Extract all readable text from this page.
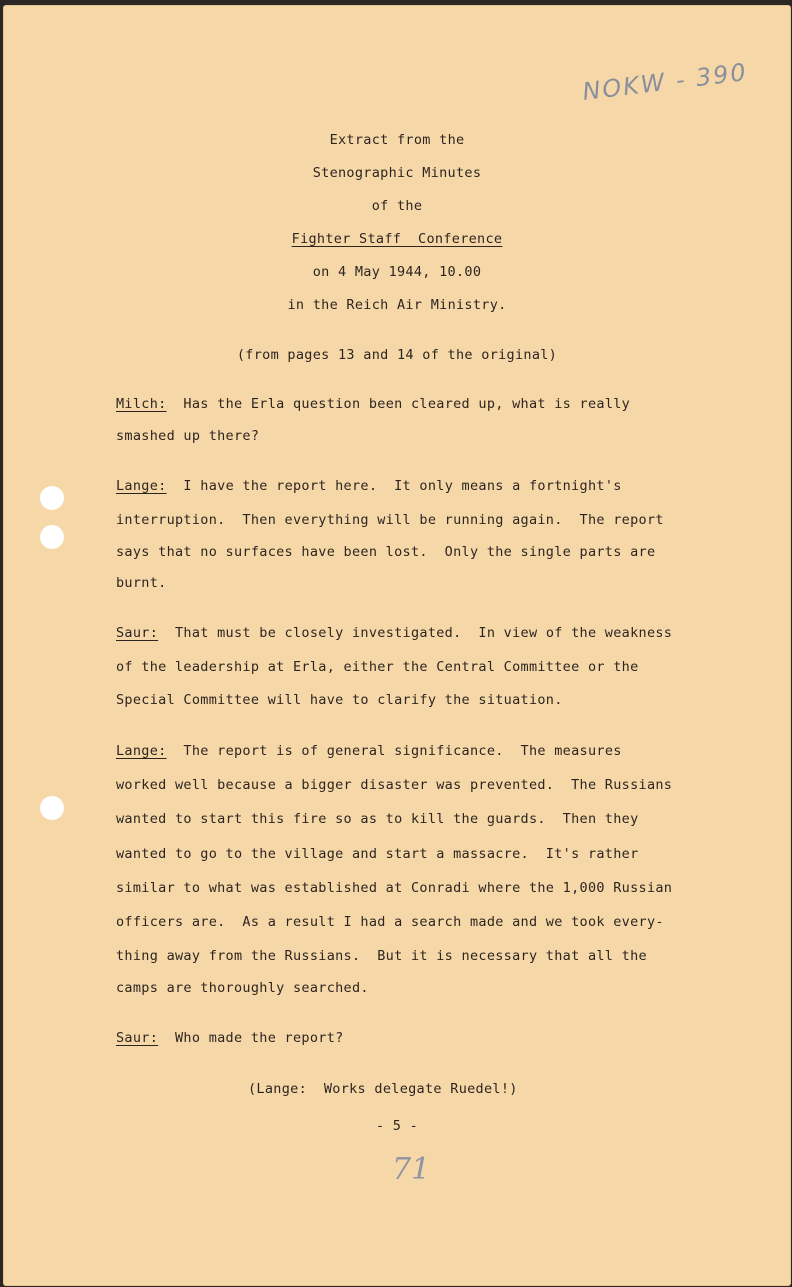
NOKW - 390
Extract from the
Stenographic Minutes
of the
Fighter Staff  Conference
on 4 May 1944, 10.00
in the Reich Air Ministry.
(from pages 13 and 14 of the original)
Milch:  Has the Erla question been cleared up, what is really
smashed up there?
Lange:  I have the report here.  It only means a fortnight's
interruption.  Then everything will be running again.  The report
says that no surfaces have been lost.  Only the single parts are
burnt.
Saur:  That must be closely investigated.  In view of the weakness
of the leadership at Erla, either the Central Committee or the
Special Committee will have to clarify the situation.
Lange:  The report is of general significance.  The measures
worked well because a bigger disaster was prevented.  The Russians
wanted to start this fire so as to kill the guards.  Then they
wanted to go to the village and start a massacre.  It's rather
similar to what was established at Conradi where the 1,000 Russian
officers are.  As a result I had a search made and we took every-
thing away from the Russians.  But it is necessary that all the
camps are thoroughly searched.
Saur:  Who made the report?
(Lange:  Works delegate Ruedel!)
- 5 -
71
